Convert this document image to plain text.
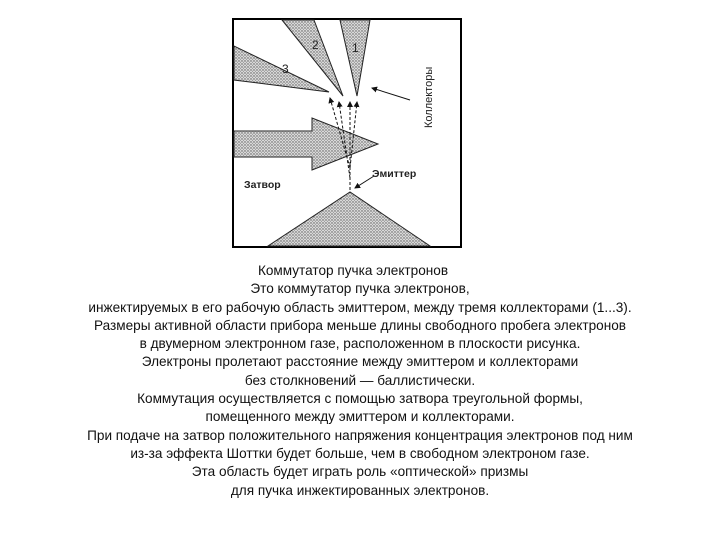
2	1
3	Коллекторы
Эмиттер
Затвор
Коммутатор пучка электронов
Это коммутатор пучка электронов,
инжектируемых в его рабочую область эмиттером, между тремя коллекторами (1...3).
Размеры активной области прибора меньше длины свободного пробега электронов
в двумерном электронном газе, расположенном в плоскости рисунка.
Электроны пролетают расстояние между эмиттером и коллекторами
без столкновений — баллистически.
Коммутация осуществляется с помощью затвора треугольной формы,
помещенного между эмиттером и коллекторами.
При подаче на затвор положительного напряжения концентрация электронов под ним
из-за эффекта Шоттки будет больше, чем в свободном электроном газе.
Эта область будет играть роль «оптической» призмы
для пучка инжектированных электронов.
